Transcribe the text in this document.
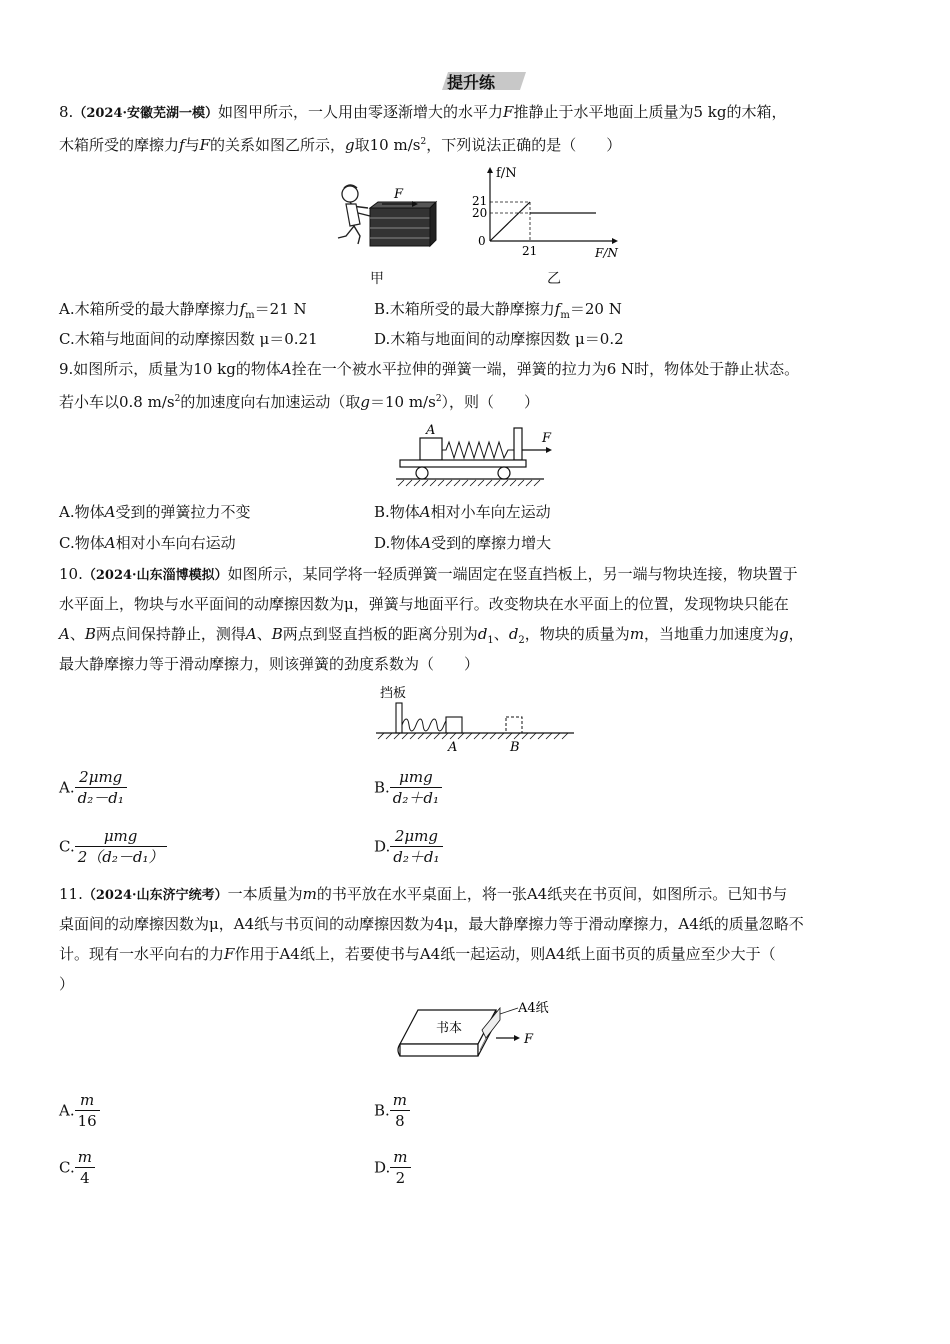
提升练
8.（2024·安徽芜湖一模）如图甲所示，一人用由零逐渐增大的水平力F推静止于水平地面上质量为5 kg的木箱，
木箱所受的摩擦力f与F的关系如图乙所示，g取10 $m/s^2$，下列说法正确的是（　　）
F
甲
f/N
21
20
0
21	F/N
乙
A.木箱所受的最大静摩擦力$f_m=21$ N	B.木箱所受的最大静摩擦力$f_m=20$ N
C.木箱与地面间的动摩擦因数 μ＝0.21	D.木箱与地面间的动摩擦因数 μ＝0.2
9.如图所示，质量为10 kg的物体A拴在一个被水平拉伸的弹簧一端，弹簧的拉力为6 N时，物体处于静止状态。
若小车以0.8 $m/s^2$的加速度向右加速运动（取g＝10 $m/s^2$），则（　　）
A
F
A.物体A受到的弹簧拉力不变	B.物体A相对小车向左运动
C.物体A相对小车向右运动	D.物体A受到的摩擦力增大
10.（2024·山东淄博模拟）如图所示，某同学将一轻质弹簧一端固定在竖直挡板上，另一端与物块连接，物块置于
水平面上，物块与水平面间的动摩擦因数为μ，弹簧与地面平行。改变物块在水平面上的位置，发现物块只能在
A、B两点间保持静止，测得A、B两点到竖直挡板的距离分别为$d_1$、$d_2$，物块的质量为m，当地重力加速度为g，
最大静摩擦力等于滑动摩擦力，则该弹簧的劲度系数为（　　）
挡板
A	B
A. $\frac{\text{2μmg}}{\text{d₂－d₁}}$	B. $\frac{\text{μmg}}{\text{d₂＋d₁}}$
C. $\frac{\text{μmg}}{\text{2（d₂－d₁）}}$	D. $\frac{\text{2μmg}}{\text{d₂＋d₁}}$
11.（2024·山东济宁统考）一本质量为m的书平放在水平桌面上，将一张A4纸夹在书页间，如图所示。已知书与
桌面间的动摩擦因数为μ，A4纸与书页间的动摩擦因数为4μ，最大静摩擦力等于滑动摩擦力，A4纸的质量忽略不
计。现有一水平向右的力F作用于A4纸上，若要使书与A4纸一起运动，则A4纸上面书页的质量应至少大于（
）
书本
A4纸
F
A. $\frac{m}{16}$	B. $\frac{m}{8}$
C. $\frac{m}{4}$	D. $\frac{m}{2}$
